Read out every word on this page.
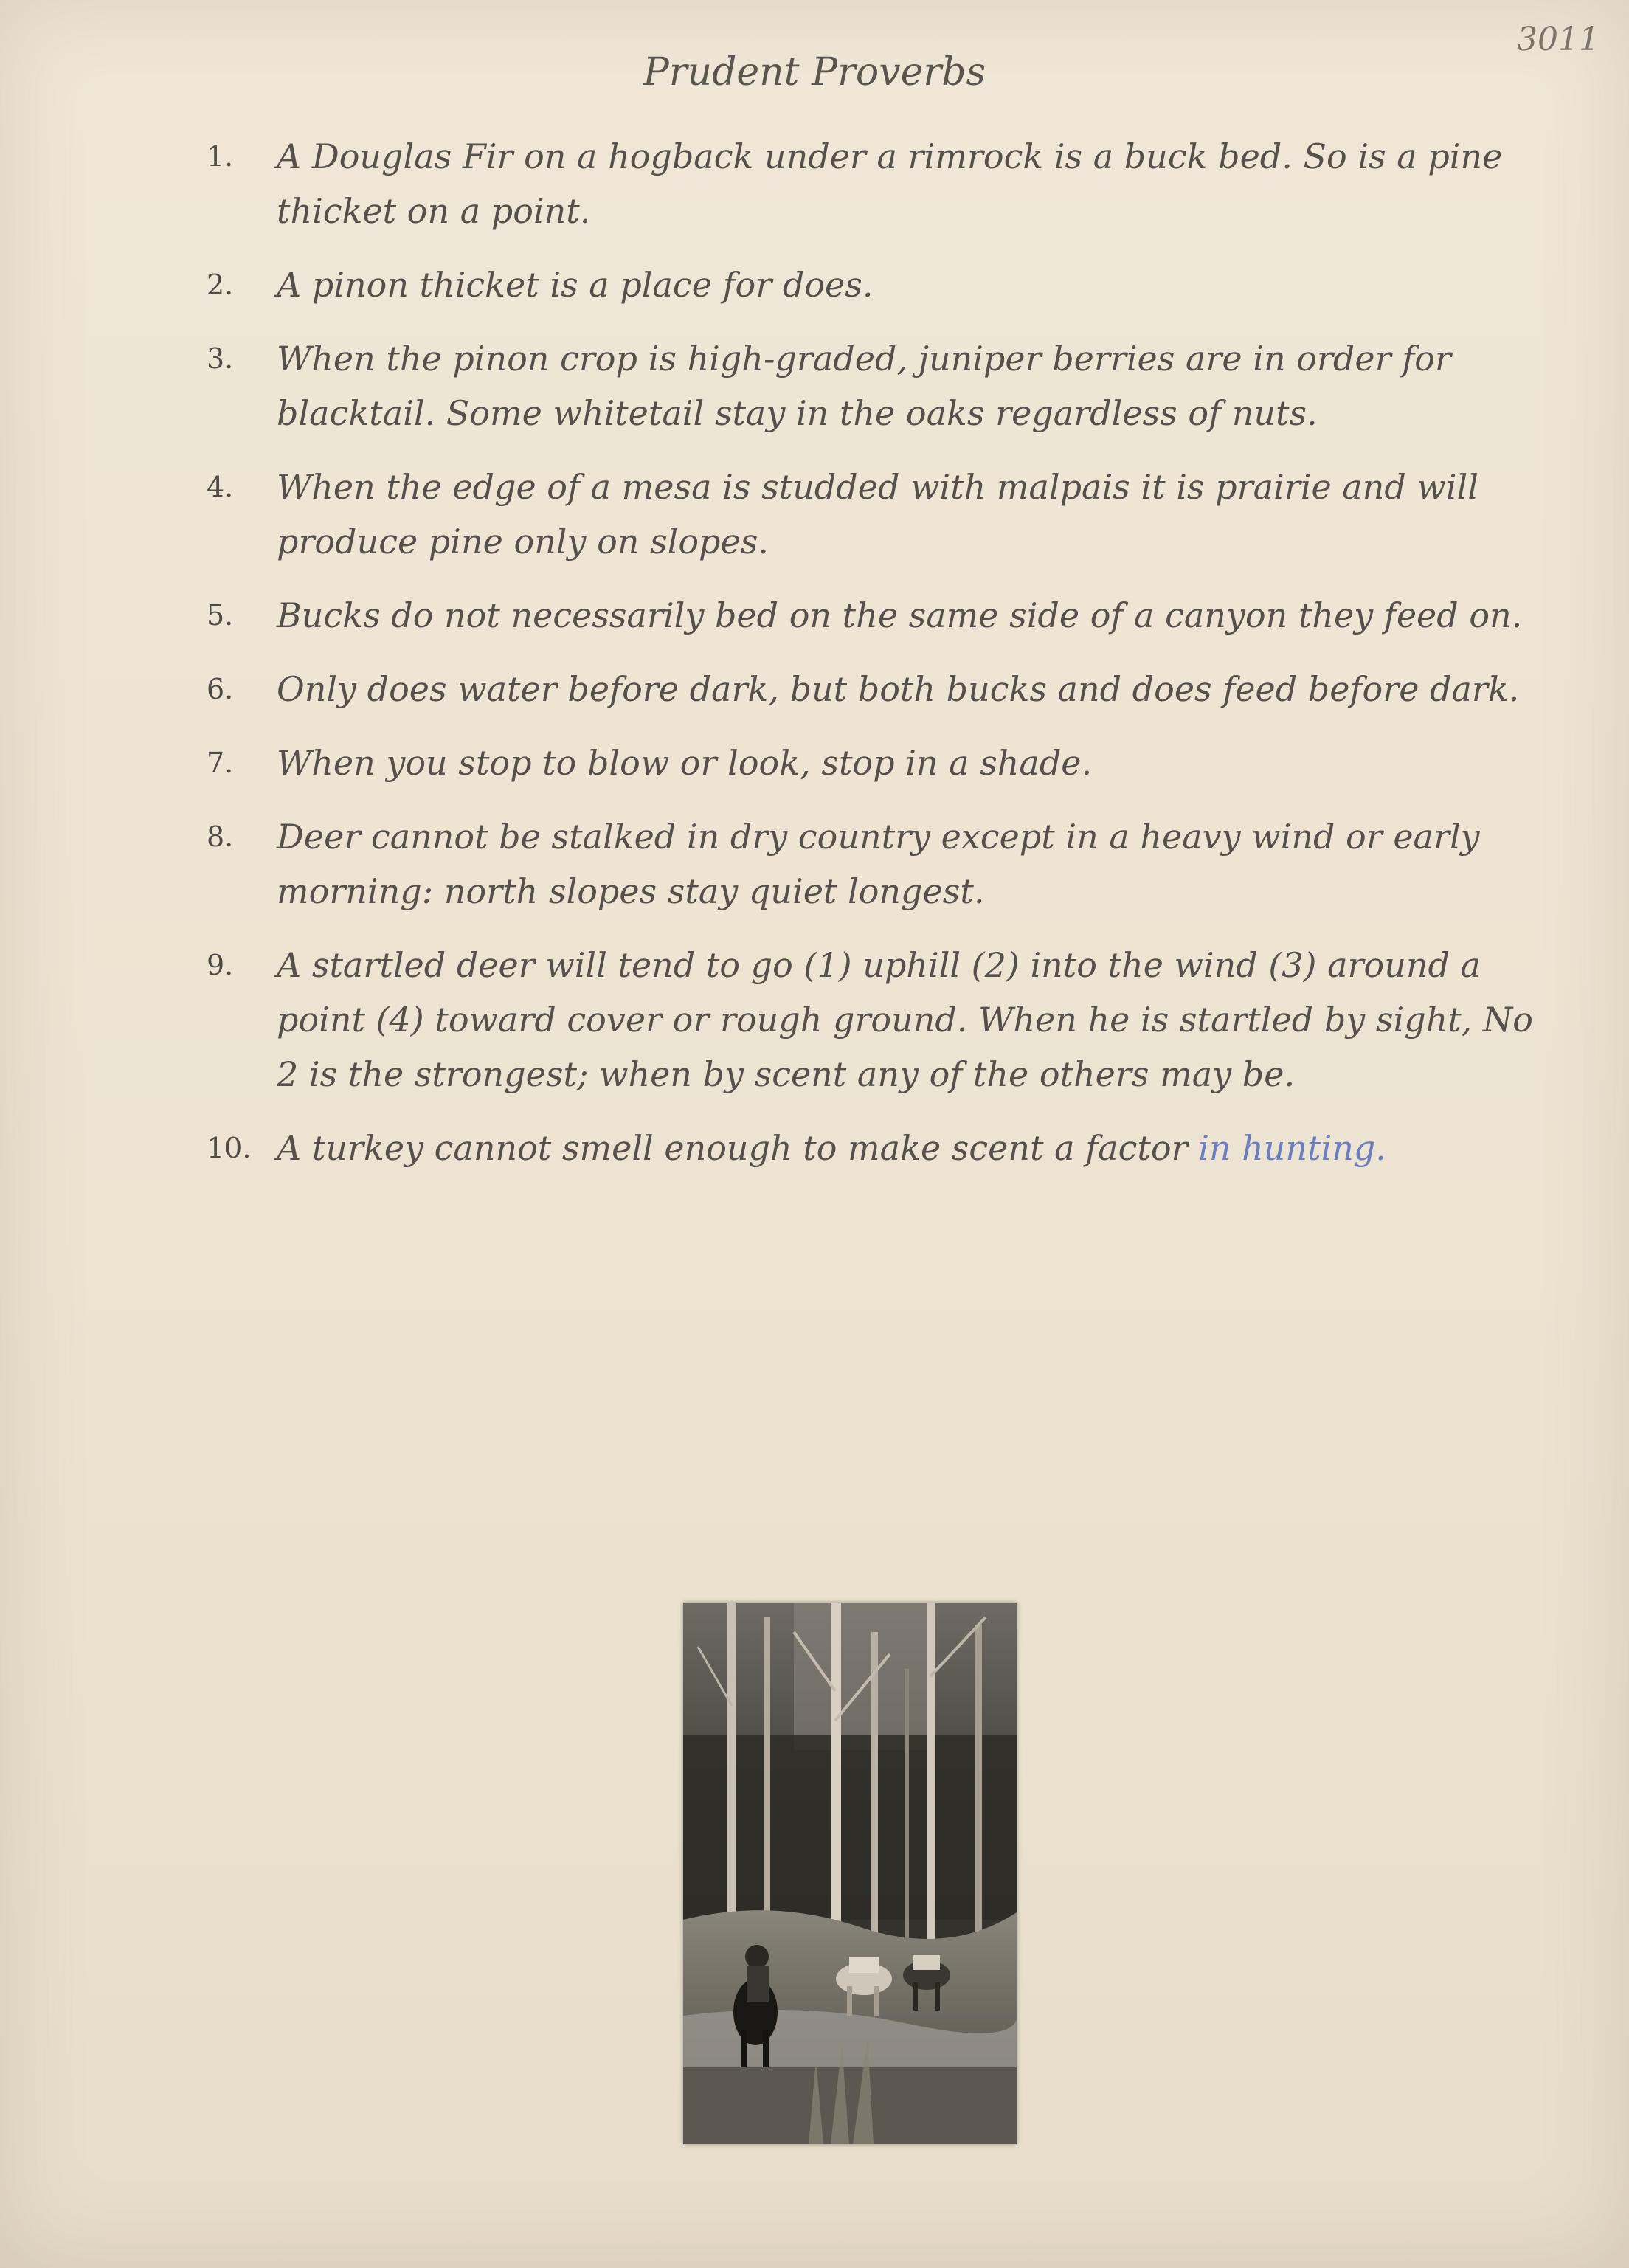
3011
Prudent Proverbs
1. A Douglas Fir on a hogback under a rimrock is a buck bed. So is a pine thicket on a point.
2. A pinon thicket is a place for does.
3. When the pinon crop is high-graded, juniper berries are in order for blacktail. Some whitetail stay in the oaks regardless of nuts.
4. When the edge of a mesa is studded with malpais it is prairie and will produce pine only on slopes.
5. Bucks do not necessarily bed on the same side of a canyon they feed on.
6. Only does water before dark, but both bucks and does feed before dark.
7. When you stop to blow or look, stop in a shade.
8. Deer cannot be stalked in dry country except in a heavy wind or early morning: north slopes stay quiet longest.
9. A startled deer will tend to go (1) uphill (2) into the wind (3) around a point (4) toward cover or rough ground. When he is startled by sight, No 2 is the strongest; when by scent any of the others may be.
10. A turkey cannot smell enough to make scent a factor in hunting.
